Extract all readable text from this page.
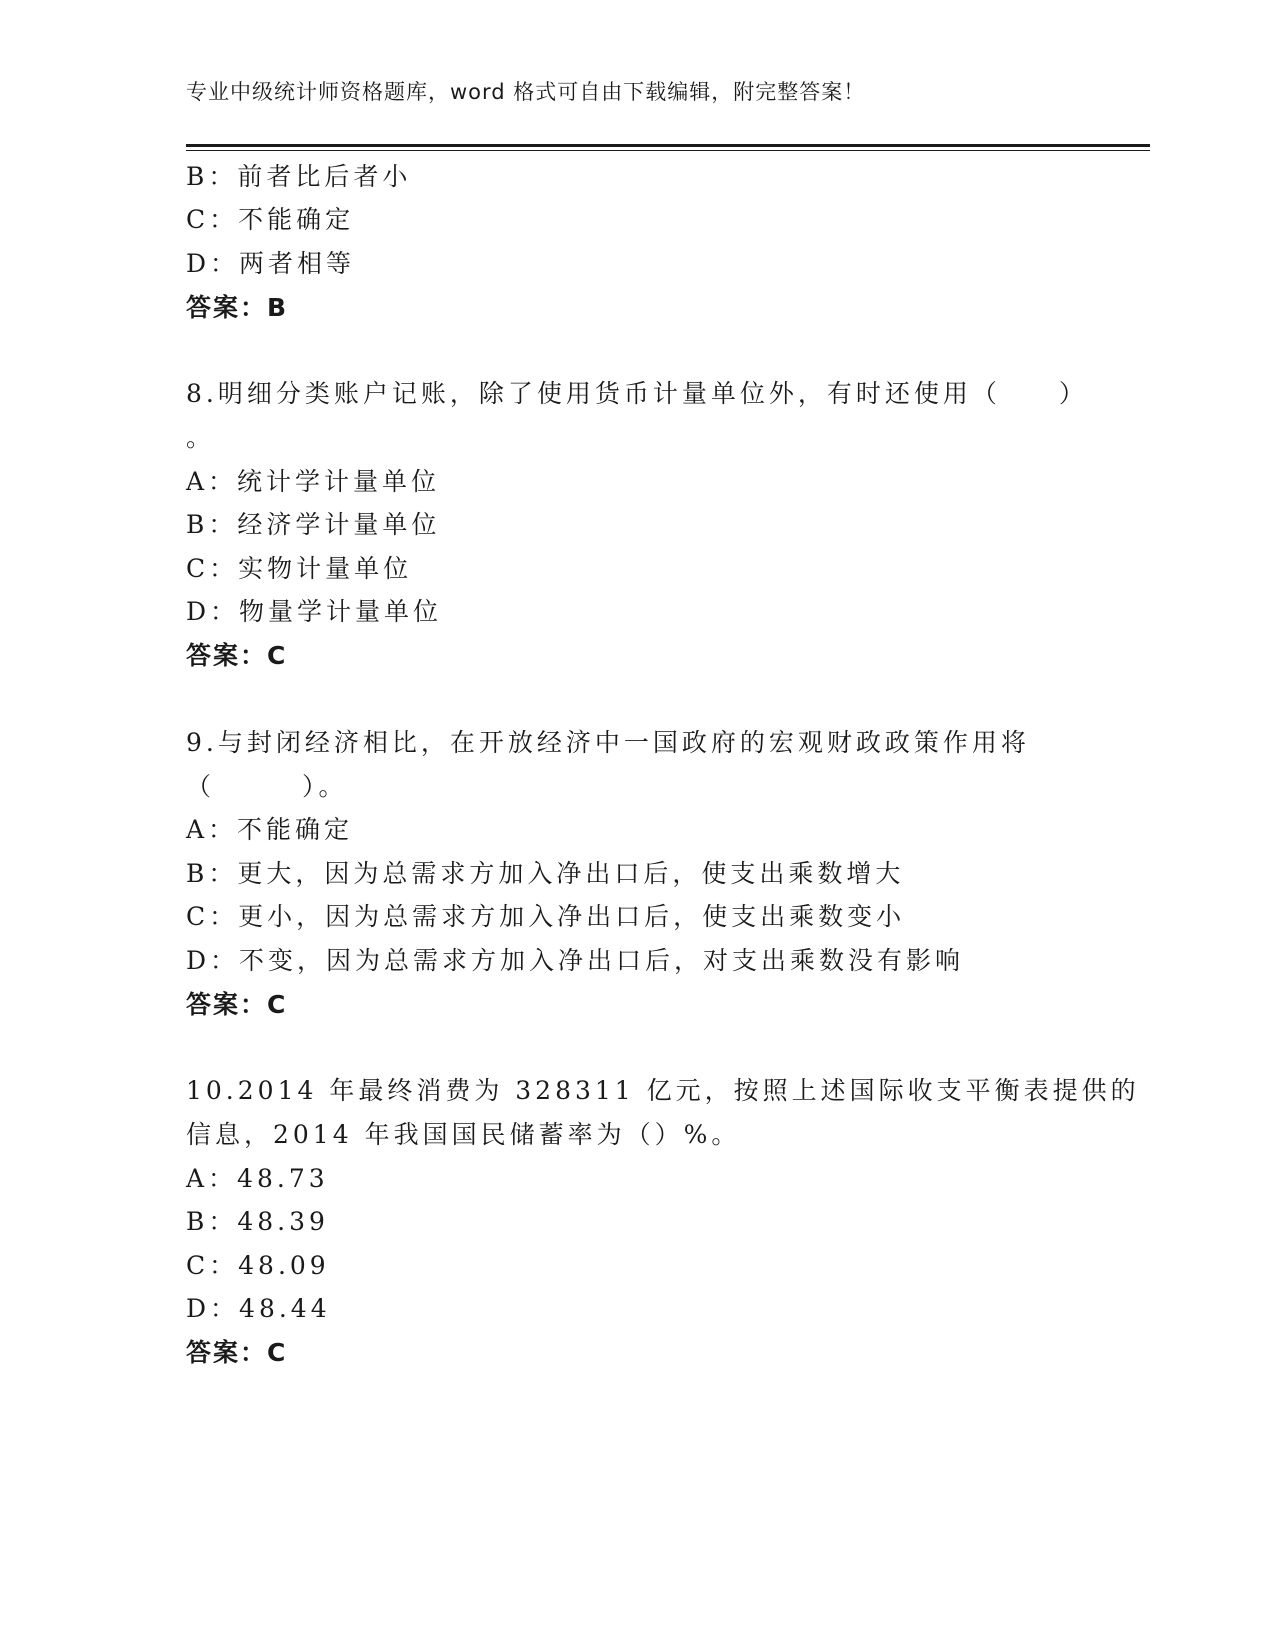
专业中级统计师资格题库，word 格式可自由下载编辑，附完整答案！
B：前者比后者小
C：不能确定
D：两者相等
答案：B
8.明细分类账户记账，除了使用货币计量单位外，有时还使用（　　）
。
A：统计学计量单位
B：经济学计量单位
C：实物计量单位
D：物量学计量单位
答案：C
9.与封闭经济相比，在开放经济中一国政府的宏观财政政策作用将
（　　　）。
A：不能确定
B：更大，因为总需求方加入净出口后，使支出乘数增大
C：更小，因为总需求方加入净出口后，使支出乘数变小
D：不变，因为总需求方加入净出口后，对支出乘数没有影响
答案：C
10.2014 年最终消费为 328311 亿元，按照上述国际收支平衡表提供的
信息，2014 年我国国民储蓄率为（）%。
A：48.73
B：48.39
C：48.09
D：48.44
答案：C
